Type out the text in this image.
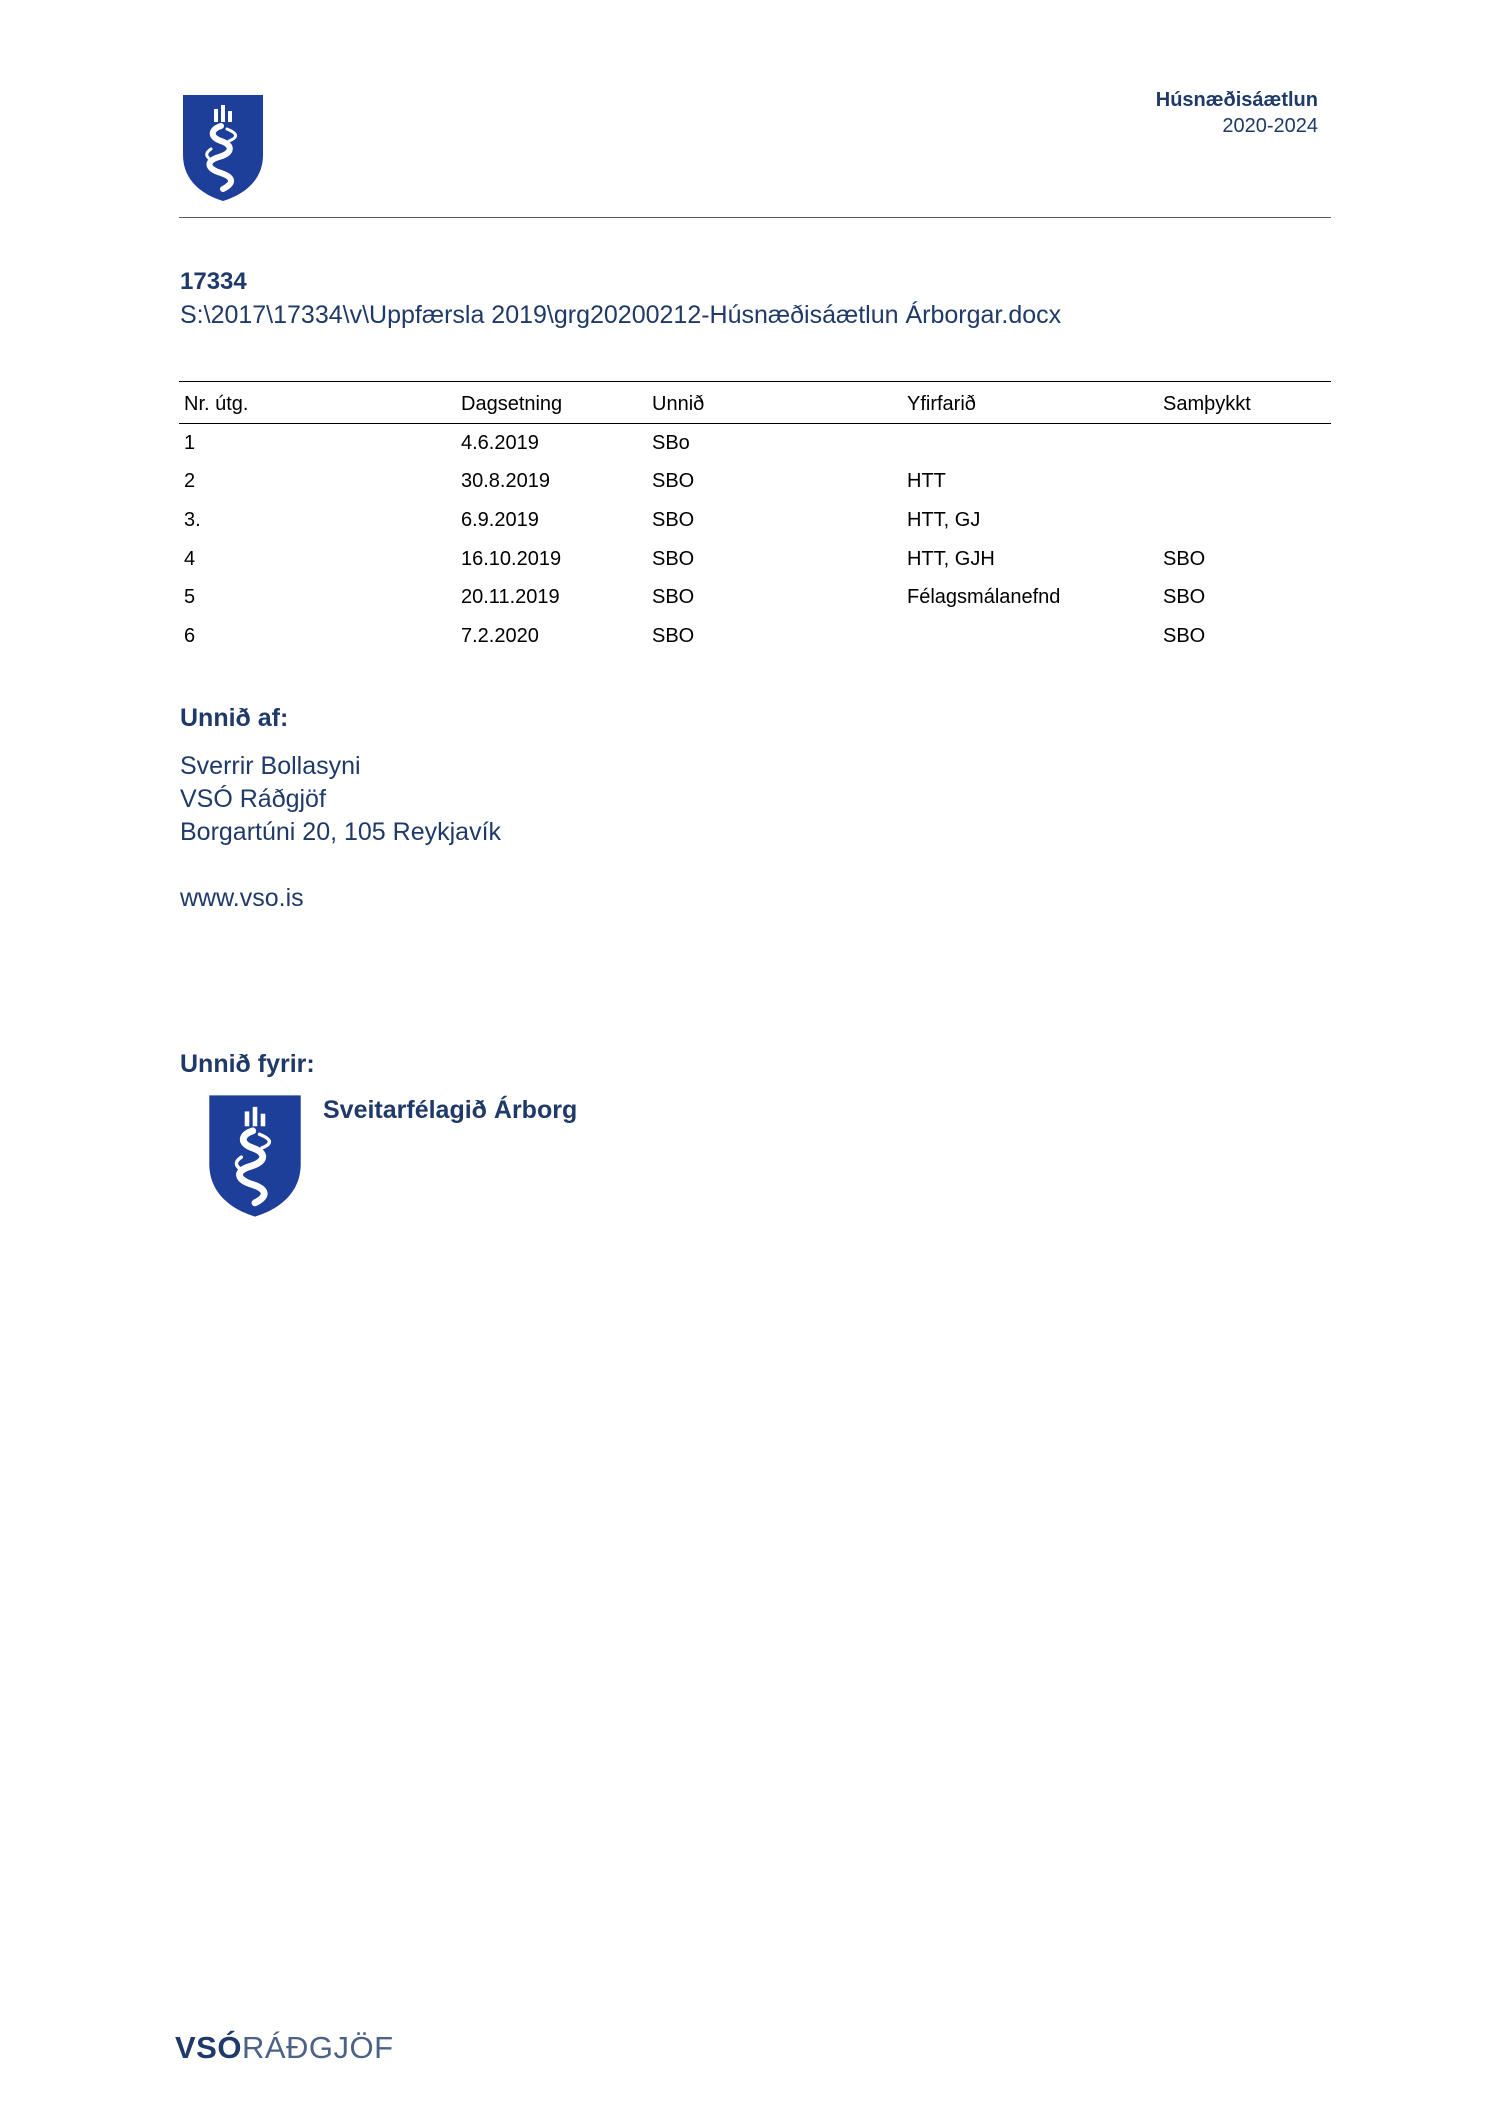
Húsnæðisáætlun
2020-2024
17334
S:\2017\17334\v\Uppfærsla 2019\grg20200212-Húsnæðisáætlun Árborgar.docx
Nr. útg.	Dagsetning	Unnið	Yfirfarið	Samþykkt
1	4.6.2019	SBo		
2	30.8.2019	SBO	HTT	
3.	6.9.2019	SBO	HTT, GJ	
4	16.10.2019	SBO	HTT, GJH	SBO
5	20.11.2019	SBO	Félagsmálanefnd	SBO
6	7.2.2020	SBO		SBO
Unnið af:
Sverrir Bollasyni
VSÓ Ráðgjöf
Borgartúni 20, 105 Reykjavík
www.vso.is
Unnið fyrir:
Sveitarfélagið Árborg
VSÓRÁÐGJÖF
